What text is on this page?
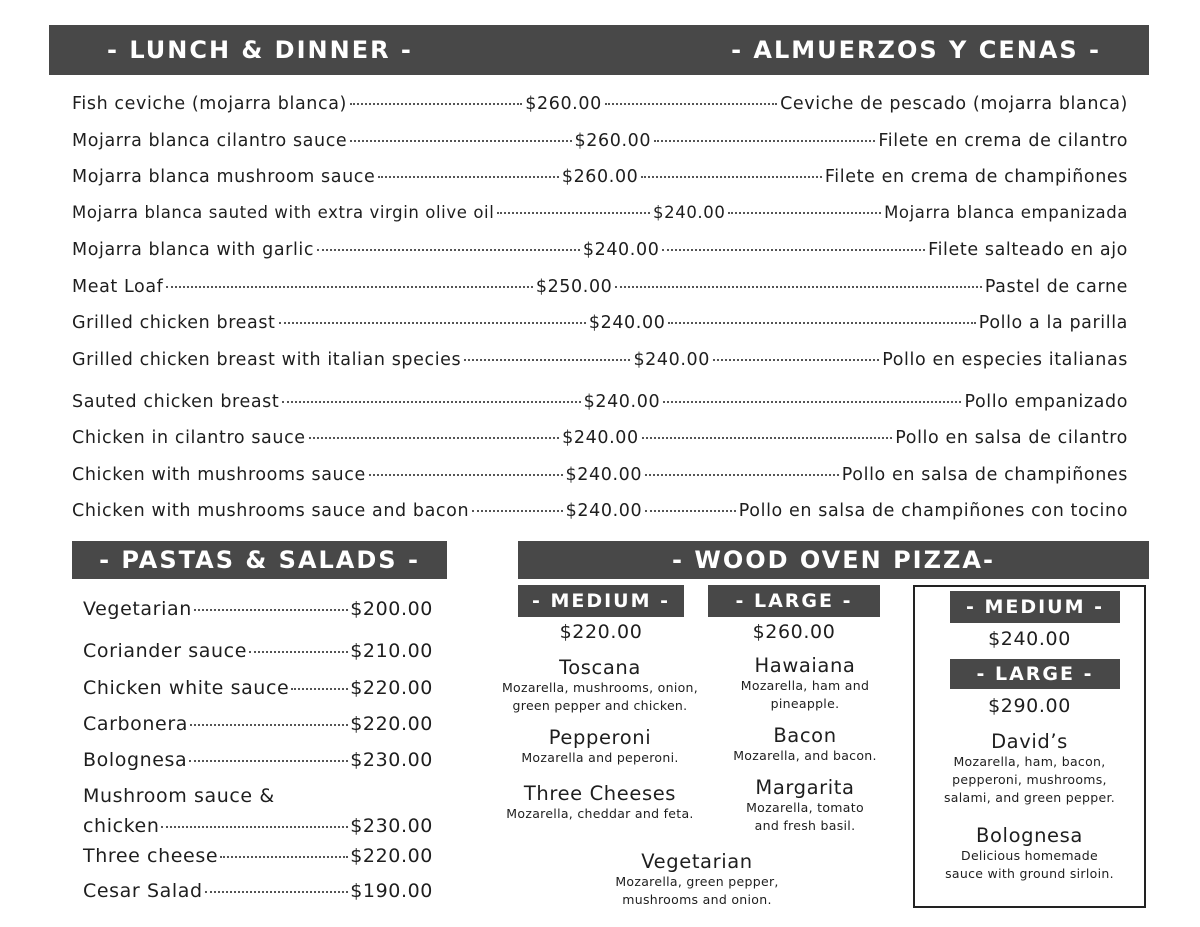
- LUNCH & DINNER -	- ALMUERZOS Y CENAS -
Fish ceviche (mojarra blanca)	$260.00	Ceviche de pescado (mojarra blanca)
Mojarra blanca cilantro sauce	$260.00	Filete en crema de cilantro
Mojarra blanca mushroom sauce	$260.00	Filete en crema de champiñones
Mojarra blanca sauted with extra virgin olive oil	$240.00	Mojarra blanca empanizada
Mojarra blanca with garlic	$240.00	Filete salteado en ajo
Meat Loaf	$250.00	Pastel de carne
Grilled chicken breast	$240.00	Pollo a la parilla
Grilled chicken breast with italian species	$240.00	Pollo en especies italianas
Sauted chicken breast	$240.00	Pollo empanizado
Chicken in cilantro sauce	$240.00	Pollo en salsa de cilantro
Chicken with mushrooms sauce	$240.00	Pollo en salsa de champiñones
Chicken with mushrooms sauce and bacon	$240.00	Pollo en salsa de champiñones con tocino
- PASTAS & SALADS -
Vegetarian	$200.00
Coriander sauce	$210.00
Chicken white sauce	$220.00
Carbonera	$220.00
Bolognesa	$230.00
Mushroom sauce &
chicken	$230.00
Three cheese	$220.00
Cesar Salad	$190.00
- WOOD OVEN PIZZA-
- MEDIUM -	- LARGE -
$220.00	$260.00
Toscana
Mozarella, mushrooms, onion,
green pepper and chicken.
Pepperoni
Mozarella and peperoni.
Three Cheeses
Mozarella, cheddar and feta.
Hawaiana
Mozarella, ham and
pineapple.
Bacon
Mozarella, and bacon.
Margarita
Mozarella, tomato
and fresh basil.
Vegetarian
Mozarella, green pepper,
mushrooms and onion.
- MEDIUM -
$240.00
- LARGE -
$290.00
David’s
Mozarella, ham, bacon,
pepperoni, mushrooms,
salami, and green pepper.
Bolognesa
Delicious homemade
sauce with ground sirloin.
